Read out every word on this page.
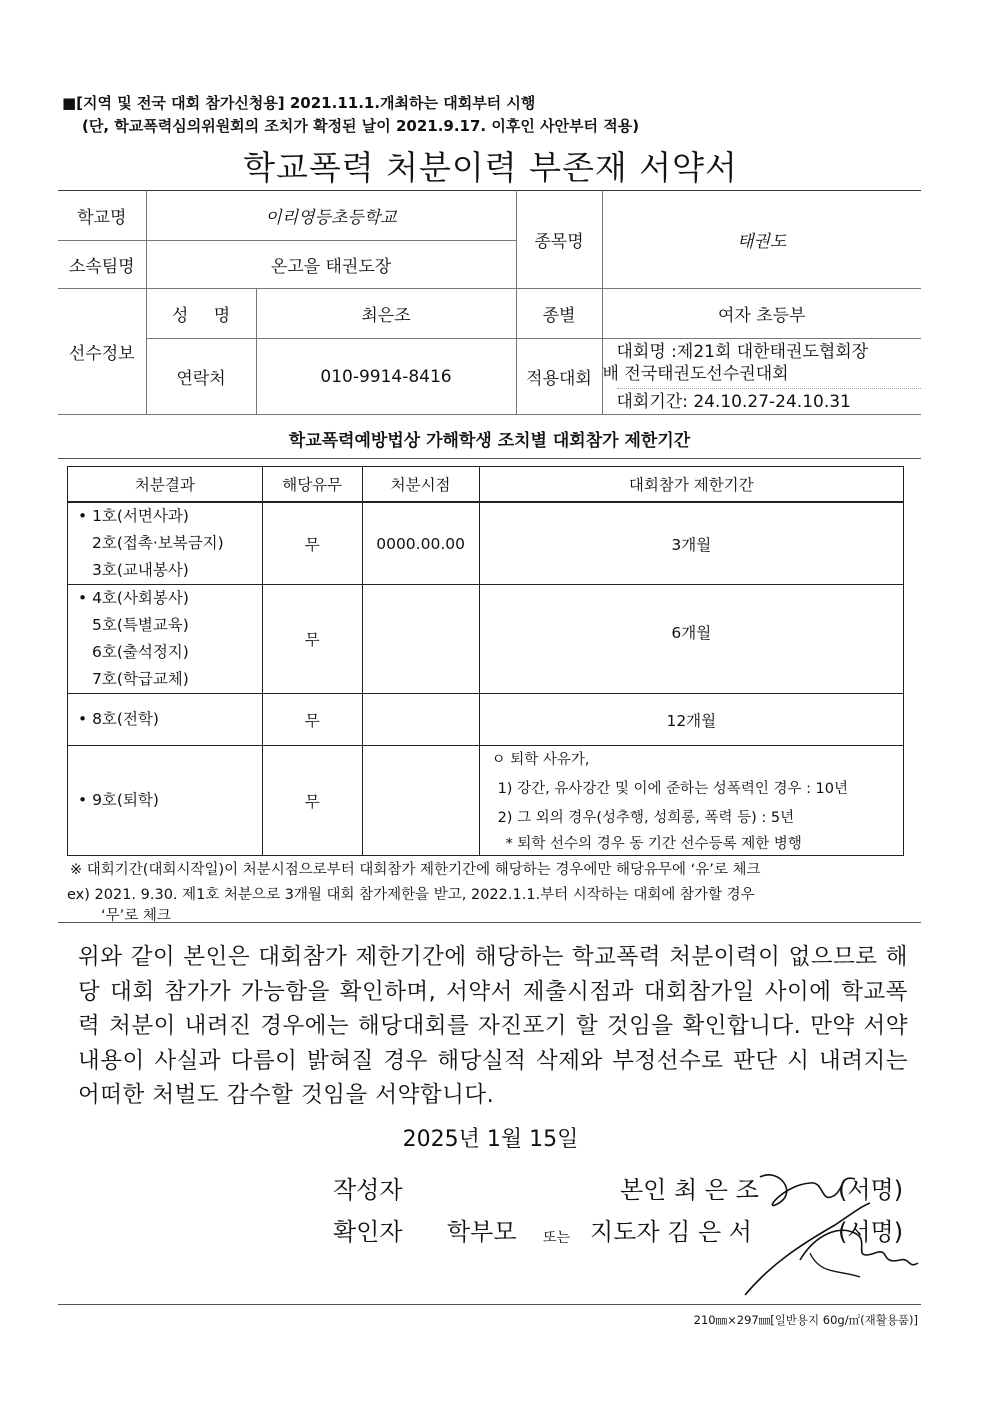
■[지역 및 전국 대회 참가신청용] 2021.11.1.개최하는 대회부터 시행
(단, 학교폭력심의위원회의 조치가 확정된 날이 2021.9.17. 이후인 사안부터 적용)
학교폭력 처분이력 부존재 서약서
학교명	이리영등초등학교		종목명	태권도
소속팀명	온고을 태권도장			
선수정보	성 명	최은조	종별	여자 초등부
	연락처	010-9914-8416	적용대회	대회명 :제21회 대한태권도협회장
배 전국태권도선수권대회
대회기간: 24.10.27-24.10.31
학교폭력예방법상 가해학생 조치별 대회참가 제한기간
처분결과	해당유무	처분시점	대회참가 제한기간

• 1호(서면사과)
2호(접촉·보복금지)
3호(교내봉사)	무	0000.00.00	3개월

• 4호(사회봉사)
5호(특별교육)
6호(출석정지)
7호(학급교체)	무		6개월

• 8호(전학)	무		12개월

• 9호(퇴학)	무		ㅇ 퇴학 사유가,
1) 강간, 유사강간 및 이에 준하는 성폭력인 경우 : 10년
2) 그 외의 경우(성추행, 성희롱, 폭력 등) : 5년
* 퇴학 선수의 경우 동 기간 선수등록 제한 병행
※ 대회기간(대회시작일)이 처분시점으로부터 대회참가 제한기간에 해당하는 경우에만 해당유무에 ‘유’로 체크
ex) 2021. 9.30. 제1호 처분으로 3개월 대회 참가제한을 받고, 2022.1.1.부터 시작하는 대회에 참가할 경우
‘무’로 체크
위와 같이 본인은 대회참가 제한기간에 해당하는 학교폭력 처분이력이 없으므로 해당 대회 참가가 가능함을 확인하며, 서약서 제출시점과 대회참가일 사이에 학교폭력 처분이 내려진 경우에는 해당대회를 자진포기 할 것임을 확인합니다. 만약 서약내용이 사실과 다름이 밝혀질 경우 해당실적 삭제와 부정선수로 판단 시 내려지는 어떠한 처벌도 감수할 것임을 서약합니다.
2025년 1월 15일
작성자	본인 최 은 조	(서명)
확인자 학부모 또는 지도자 김 은 서	(서명)
210㎜×297㎜[일반용지 60g/㎡(재활용품)]
